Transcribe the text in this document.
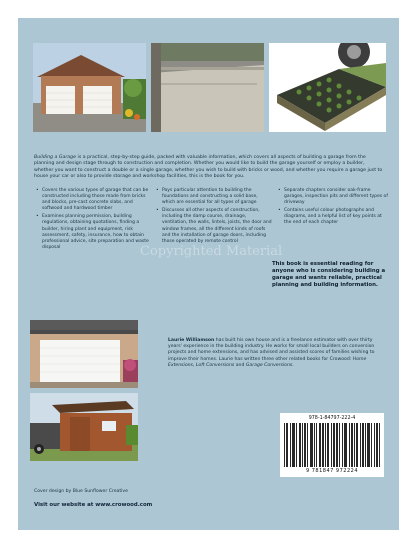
Building a Garage is a practical, step-by-step guide, packed with valuable information, which covers all aspects of building a garage from the planning and design stage through to construction and completion. Whether you would like to build the garage yourself or employ a builder, whether you want to construct a double or a single garage, whether you wish to build with bricks or wood, and whether you require a garage just to house your car or also to provide storage and workshop facilities, this is the book for you.
• Covers the various types of garage that can be constructed including those made from bricks and blocks, pre-cast concrete slabs, and softwood and hardwood timber
• Examines planning permission, building regulations, obtaining quotations, finding a builder, hiring plant and equipment, risk assessment, safety, insurance, how to obtain professional advice, site preparation and waste disposal
• Pays particular attention to building the foundations and constructing a solid base, which are essential for all types of garage
• Discusses all other aspects of construction, including the damp course, drainage, ventilation, the walls, lintels, joists, the door and window frames, all the different kinds of roofs and the installation of garage doors, including those operated by remote control
• Separate chapters consider oak-frame garages, inspection pits and different types of driveway
• Contains useful colour photographs and diagrams, and a helpful list of key points at the end of each chapter
This book is essential reading for anyone who is considering building a garage and wants reliable, practical planning and building information.
Copyrighted Material
Laurie Williamson has built his own house and is a freelance estimator with over thirty years' experience in the building industry. He works for small local builders on conversion projects and home extensions, and has advised and assisted scores of families wishing to improve their homes. Laurie has written three other related books for Crowood: Home Extensions, Loft Conversions and Garage Conversions.
978-1-84797-222-4
9 781847 972224
Cover design by Blue Sunflower Creative
Visit our website at www.crowood.com
